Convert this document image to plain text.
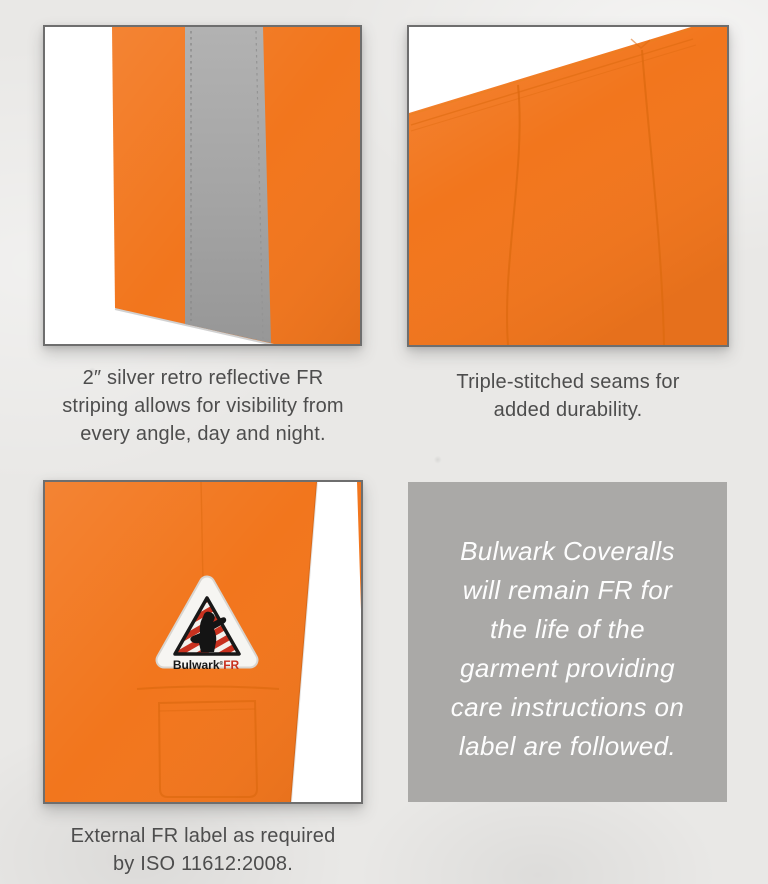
2″ silver retro reflective FR
striping allows for visibility from
every angle, day and night.
Triple-stitched seams for
added durability.
Bulwark®FR
External FR label as required
by ISO 11612:2008.
Bulwark Coveralls
will remain FR for
the life of the
garment providing
care instructions on
label are followed.
